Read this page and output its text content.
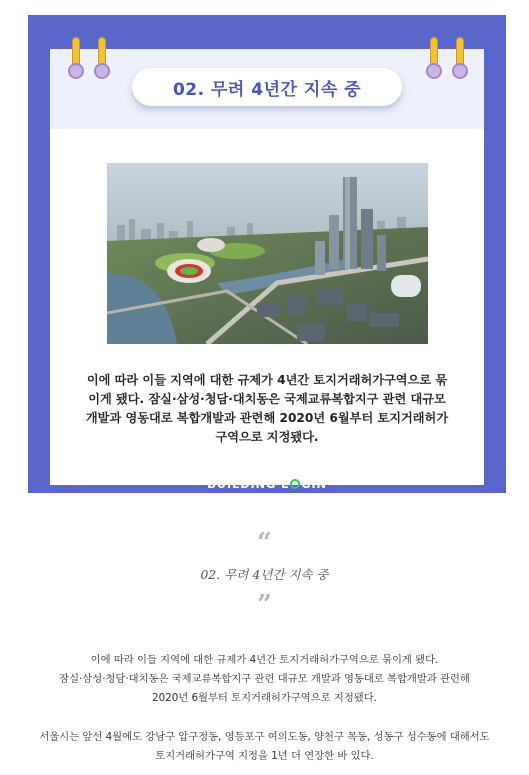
02. 무려 4년간 지속 중
이에 따라 이들 지역에 대한 규제가 4년간 토지거래허가구역으로 묶
이게 됐다. 잠실·삼성·청담·대치동은 국제교류복합지구 관련 대규모
개발과 영동대로 복합개발과 관련해 2020년 6월부터 토지거래허가
구역으로 지정됐다.
BUILDING L GIN
“
02. 무려 4년간 지속 중
”
이에 따라 이들 지역에 대한 규제가 4년간 토지거래허가구역으로 묶이게 됐다.
잠실·삼성·청담·대치동은 국제교류복합지구 관련 대규모 개발과 영동대로 복합개발과 관련해
2020년 6월부터 토지거래허가구역으로 지정됐다.
서울시는 앞선 4월에도 강남구 압구정동, 영등포구 여의도동, 양천구 목동, 성동구 성수동에 대해서도
토지거래허가구역 지정을 1년 더 연장한 바 있다.
